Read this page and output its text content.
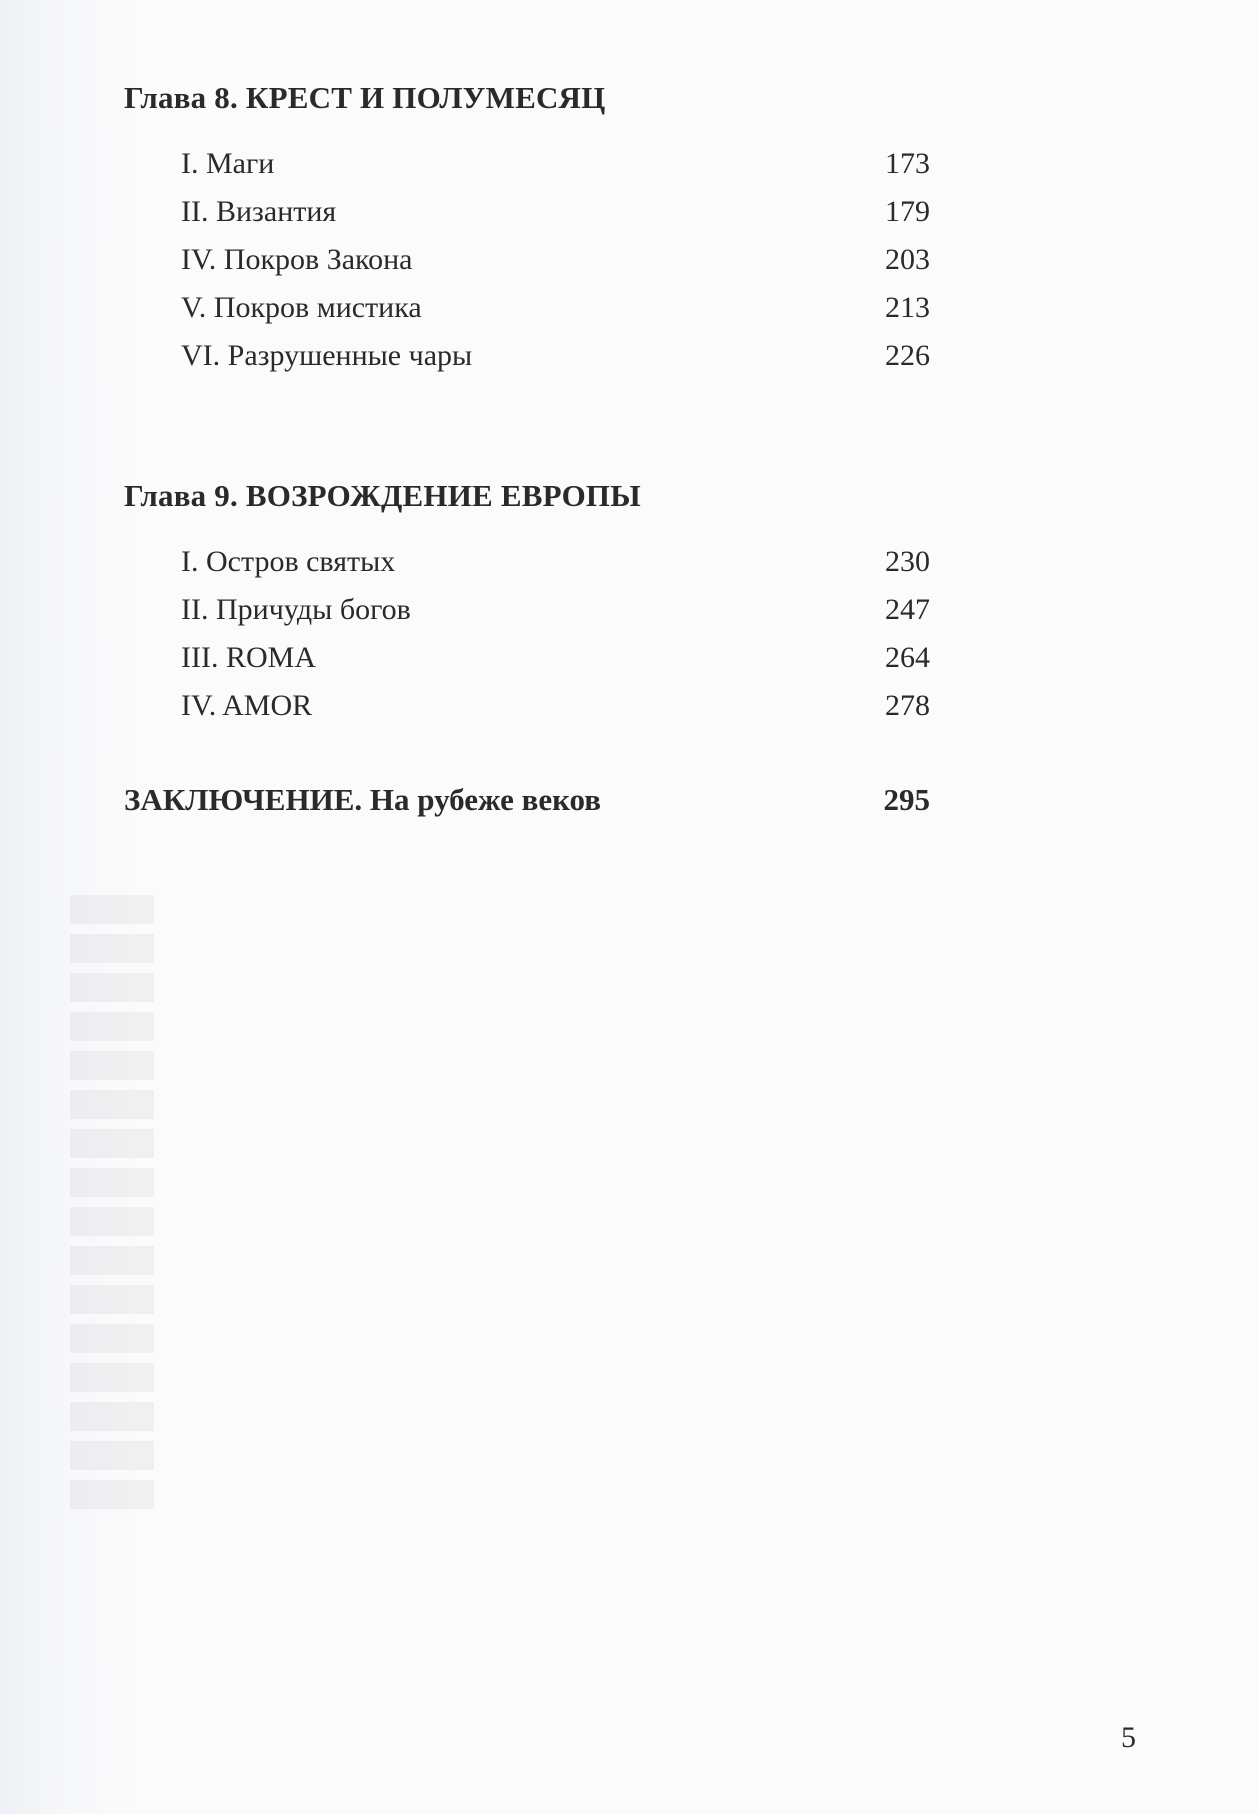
Глава 8. КРЕСТ И ПОЛУМЕСЯЦ
I. Маги	173
II. Византия	179
IV. Покров Закона	203
V. Покров мистика	213
VI. Разрушенные чары	226
Глава 9. ВОЗРОЖДЕНИЕ ЕВРОПЫ
I. Остров святых	230
II. Причуды богов	247
III. ROMA	264
IV. AMOR	278
ЗАКЛЮЧЕНИЕ. На рубеже веков	295
5
